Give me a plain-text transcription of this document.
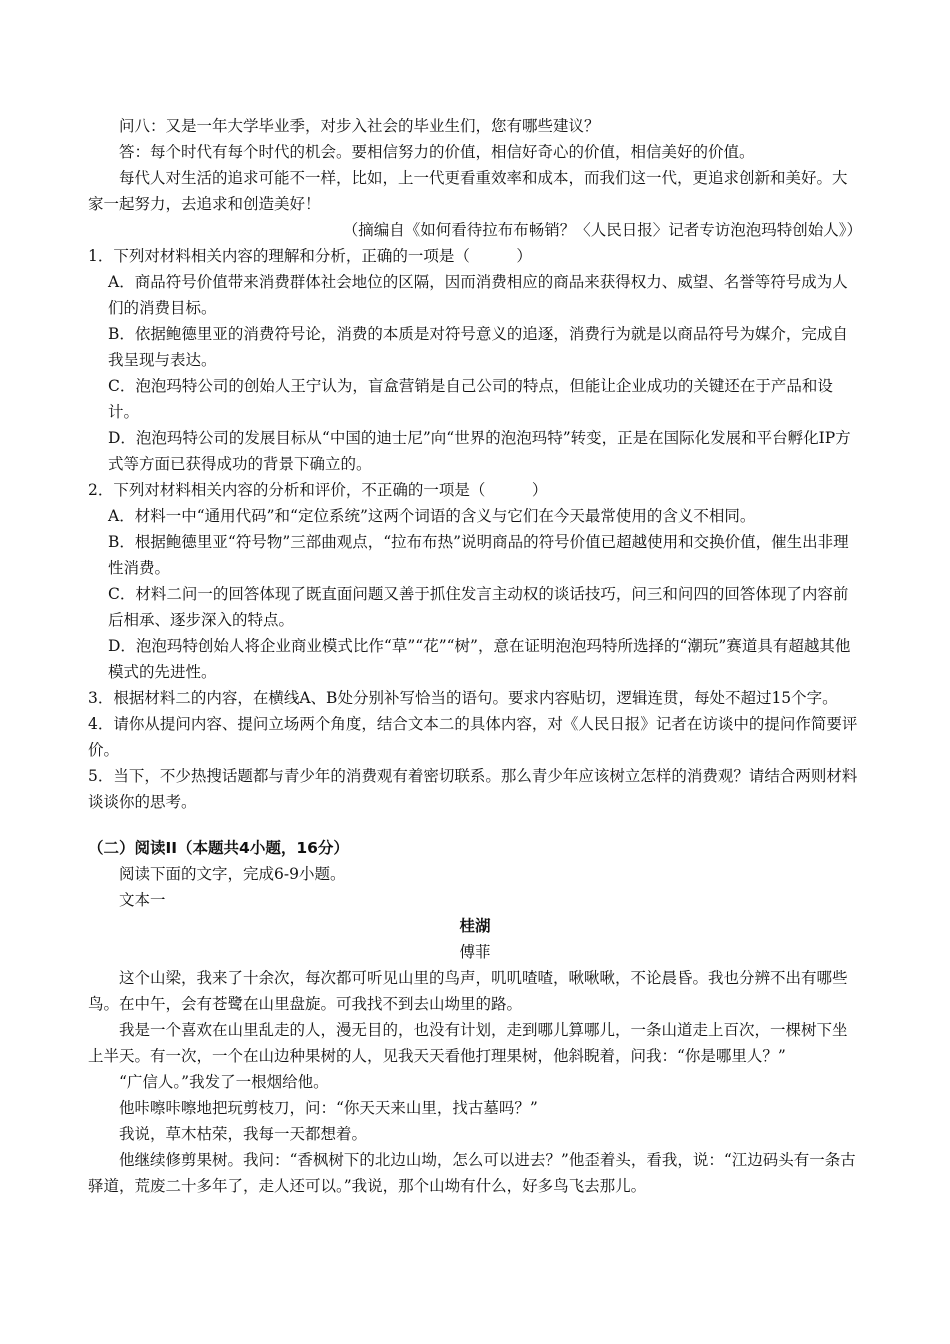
问八：又是一年大学毕业季，对步入社会的毕业生们，您有哪些建议？

答：每个时代有每个时代的机会。要相信努力的价值，相信好奇心的价值，相信美好的价值。

每代人对生活的追求可能不一样，比如，上一代更看重效率和成本，而我们这一代，更追求创新和美好。大家一起努力，去追求和创造美好！

（摘编自《如何看待拉布布畅销？〈人民日报〉记者专访泡泡玛特创始人》）

1．下列对材料相关内容的理解和分析，正确的一项是（　　　）

A．商品符号价值带来消费群体社会地位的区隔，因而消费相应的商品来获得权力、威望、名誉等符号成为人们的消费目标。

B．依据鲍德里亚的消费符号论，消费的本质是对符号意义的追逐，消费行为就是以商品符号为媒介，完成自我呈现与表达。

C．泡泡玛特公司的创始人王宁认为，盲盒营销是自己公司的特点，但能让企业成功的关键还在于产品和设计。

D．泡泡玛特公司的发展目标从“中国的迪士尼”向“世界的泡泡玛特”转变，正是在国际化发展和平台孵化IP方式等方面已获得成功的背景下确立的。

2．下列对材料相关内容的分析和评价，不正确的一项是（　　　）

A．材料一中“通用代码”和“定位系统”这两个词语的含义与它们在今天最常使用的含义不相同。

B．根据鲍德里亚“符号物”三部曲观点，“拉布布热”说明商品的符号价值已超越使用和交换价值，催生出非理性消费。

C．材料二问一的回答体现了既直面问题又善于抓住发言主动权的谈话技巧，问三和问四的回答体现了内容前后相承、逐步深入的特点。

D．泡泡玛特创始人将企业商业模式比作“草”“花”“树”，意在证明泡泡玛特所选择的“潮玩”赛道具有超越其他模式的先进性。

3．根据材料二的内容，在横线A、B处分别补写恰当的语句。要求内容贴切，逻辑连贯，每处不超过15个字。

4．请你从提问内容、提问立场两个角度，结合文本二的具体内容，对《人民日报》记者在访谈中的提问作简要评价。

5．当下，不少热搜话题都与青少年的消费观有着密切联系。那么青少年应该树立怎样的消费观？请结合两则材料谈谈你的思考。

（二）阅读II（本题共4小题，16分）

阅读下面的文字，完成6-9小题。

文本一

桂湖

傅菲

这个山梁，我来了十余次，每次都可听见山里的鸟声，叽叽喳喳，啾啾啾，不论晨昏。我也分辨不出有哪些鸟。在中午，会有苍鹭在山里盘旋。可我找不到去山坳里的路。

我是一个喜欢在山里乱走的人，漫无目的，也没有计划，走到哪儿算哪儿，一条山道走上百次，一棵树下坐上半天。有一次，一个在山边种果树的人，见我天天看他打理果树，他斜睨着，问我：“你是哪里人？”

“广信人。”我发了一根烟给他。

他咔嚓咔嚓地把玩剪枝刀，问：“你天天来山里，找古墓吗？”

我说，草木枯荣，我每一天都想着。

他继续修剪果树。我问：“香枫树下的北边山坳，怎么可以进去？”他歪着头，看我，说：“江边码头有一条古驿道，荒废二十多年了，走人还可以。”我说，那个山坳有什么，好多鸟飞去那儿。
